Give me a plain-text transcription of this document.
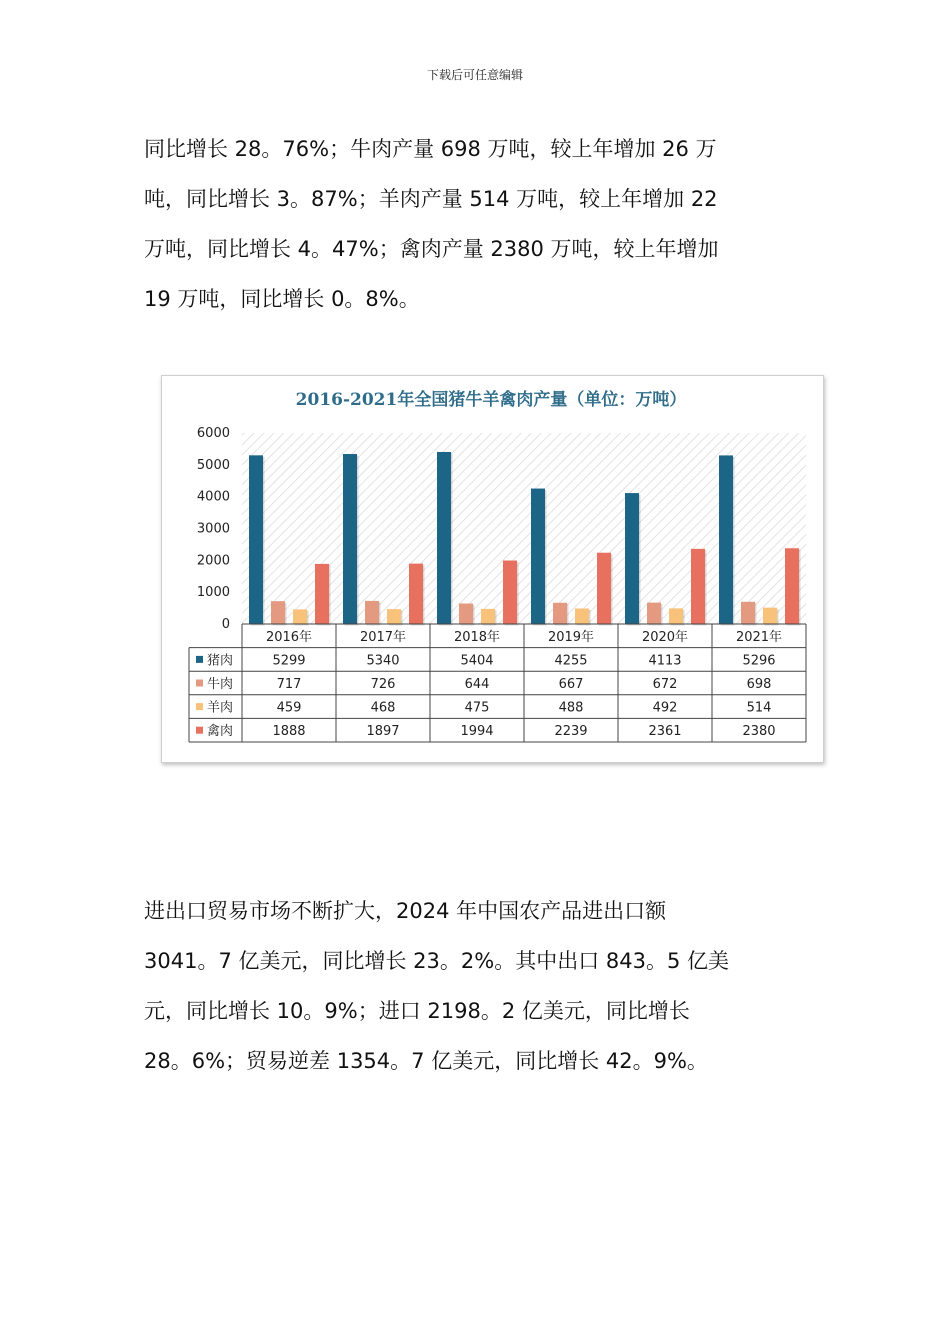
下载后可任意编辑
同比增长 28。76%；牛肉产量 698 万吨，较上年增加 26 万
吨，同比增长 3。87%；羊肉产量 514 万吨，较上年增加 22
万吨，同比增长 4。47%；禽肉产量 2380 万吨，较上年增加
19 万吨，同比增长 0。8%。
2016-2021年全国猪牛羊禽肉产量（单位：万吨）
0
1000
2000
3000
4000
5000
6000
2016年	2017年	2018年	2019年	2020年	2021年
猪肉	5299	5340	5404	4255	4113	5296
牛肉	717	726	644	667	672	698
羊肉	459	468	475	488	492	514
禽肉	1888	1897	1994	2239	2361	2380
进出口贸易市场不断扩大，2024 年中国农产品进出口额
3041。7 亿美元，同比增长 23。2%。其中出口 843。5 亿美
元，同比增长 10。9%；进口 2198。2 亿美元，同比增长
28。6%；贸易逆差 1354。7 亿美元，同比增长 42。9%。
